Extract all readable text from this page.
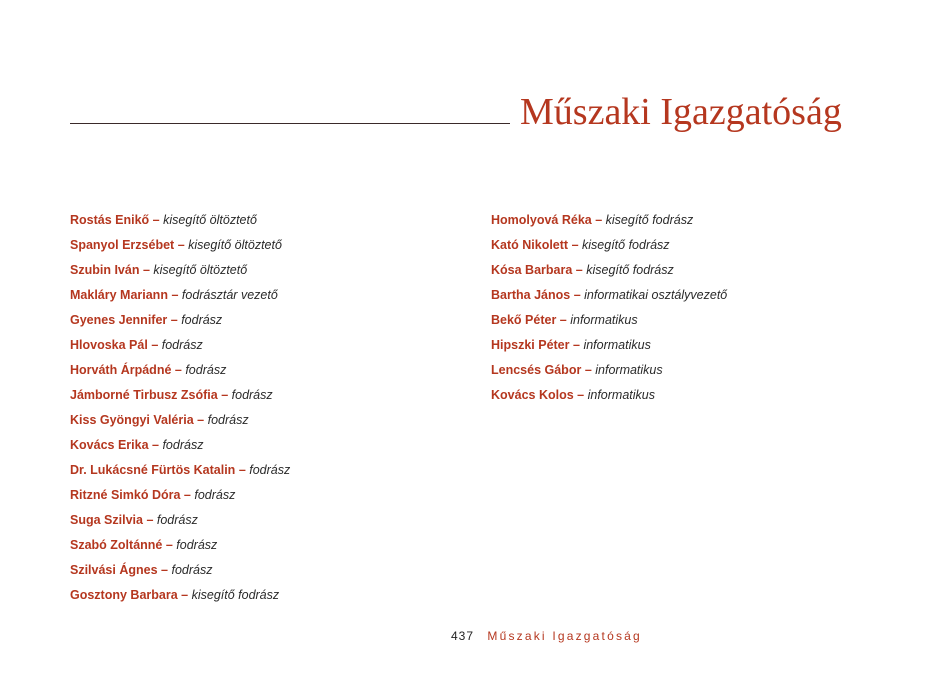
Műszaki Igazgatóság
Rostás Enikő – kisegítő öltöztető
Spanyol Erzsébet – kisegítő öltöztető
Szubin Iván – kisegítő öltöztető
Makláry Mariann – fodrásztár vezető
Gyenes Jennifer – fodrász
Hlovoska Pál – fodrász
Horváth Árpádné – fodrász
Jámborné Tirbusz Zsófia – fodrász
Kiss Gyöngyi Valéria – fodrász
Kovács Erika – fodrász
Dr. Lukácsné Fürtös Katalin – fodrász
Ritzné Simkó Dóra – fodrász
Suga Szilvia – fodrász
Szabó Zoltánné – fodrász
Szilvási Ágnes – fodrász
Gosztony Barbara – kisegítő fodrász
Homolyová Réka – kisegítő fodrász
Kató Nikolett – kisegítő fodrász
Kósa Barbara – kisegítő fodrász
Bartha János – informatikai osztályvezető
Bekő Péter – informatikus
Hipszki Péter – informatikus
Lencsés Gábor – informatikus
Kovács Kolos – informatikus
437 Műszaki Igazgatóság
